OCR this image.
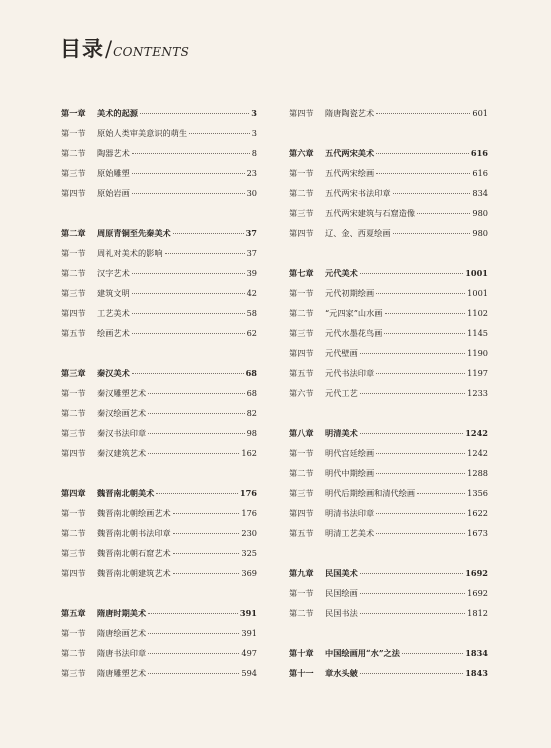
目录 / CONTENTS
第一章	美术的起源	3
第一节	原始人类审美意识的萌生	3
第二节	陶器艺术	8
第三节	原始雕塑	23
第四节	原始岩画	30
第二章	周原青铜至先秦美术	37
第一节	周礼对美术的影响	37
第二节	汉字艺术	39
第三节	建筑文明	42
第四节	工艺美术	58
第五节	绘画艺术	62
第三章	秦汉美术	68
第一节	秦汉雕塑艺术	68
第二节	秦汉绘画艺术	82
第三节	秦汉书法印章	98
第四节	秦汉建筑艺术	162
第四章	魏晋南北朝美术	176
第一节	魏晋南北朝绘画艺术	176
第二节	魏晋南北朝书法印章	230
第三节	魏晋南北朝石窟艺术	325
第四节	魏晋南北朝建筑艺术	369
第五章	隋唐时期美术	391
第一节	隋唐绘画艺术	391
第二节	隋唐书法印章	497
第三节	隋唐雕塑艺术	594
第四节	隋唐陶瓷艺术	601
第六章	五代两宋美术	616
第一节	五代两宋绘画	616
第二节	五代两宋书法印章	834
第三节	五代两宋建筑与石窟造像	980
第四节	辽、金、西夏绘画	980
第七章	元代美术	1001
第一节	元代初期绘画	1001
第二节	“元四家”山水画	1102
第三节	元代水墨花鸟画	1145
第四节	元代壁画	1190
第五节	元代书法印章	1197
第六节	元代工艺	1233
第八章	明清美术	1242
第一节	明代宫廷绘画	1242
第二节	明代中期绘画	1288
第三节	明代后期绘画和清代绘画	1356
第四节	明清书法印章	1622
第五节	明清工艺美术	1673
第九章	民国美术	1692
第一节	民国绘画	1692
第二节	民国书法	1812
第十章	中国绘画用“水”之法	1834
第十一	章水头皴	1843
